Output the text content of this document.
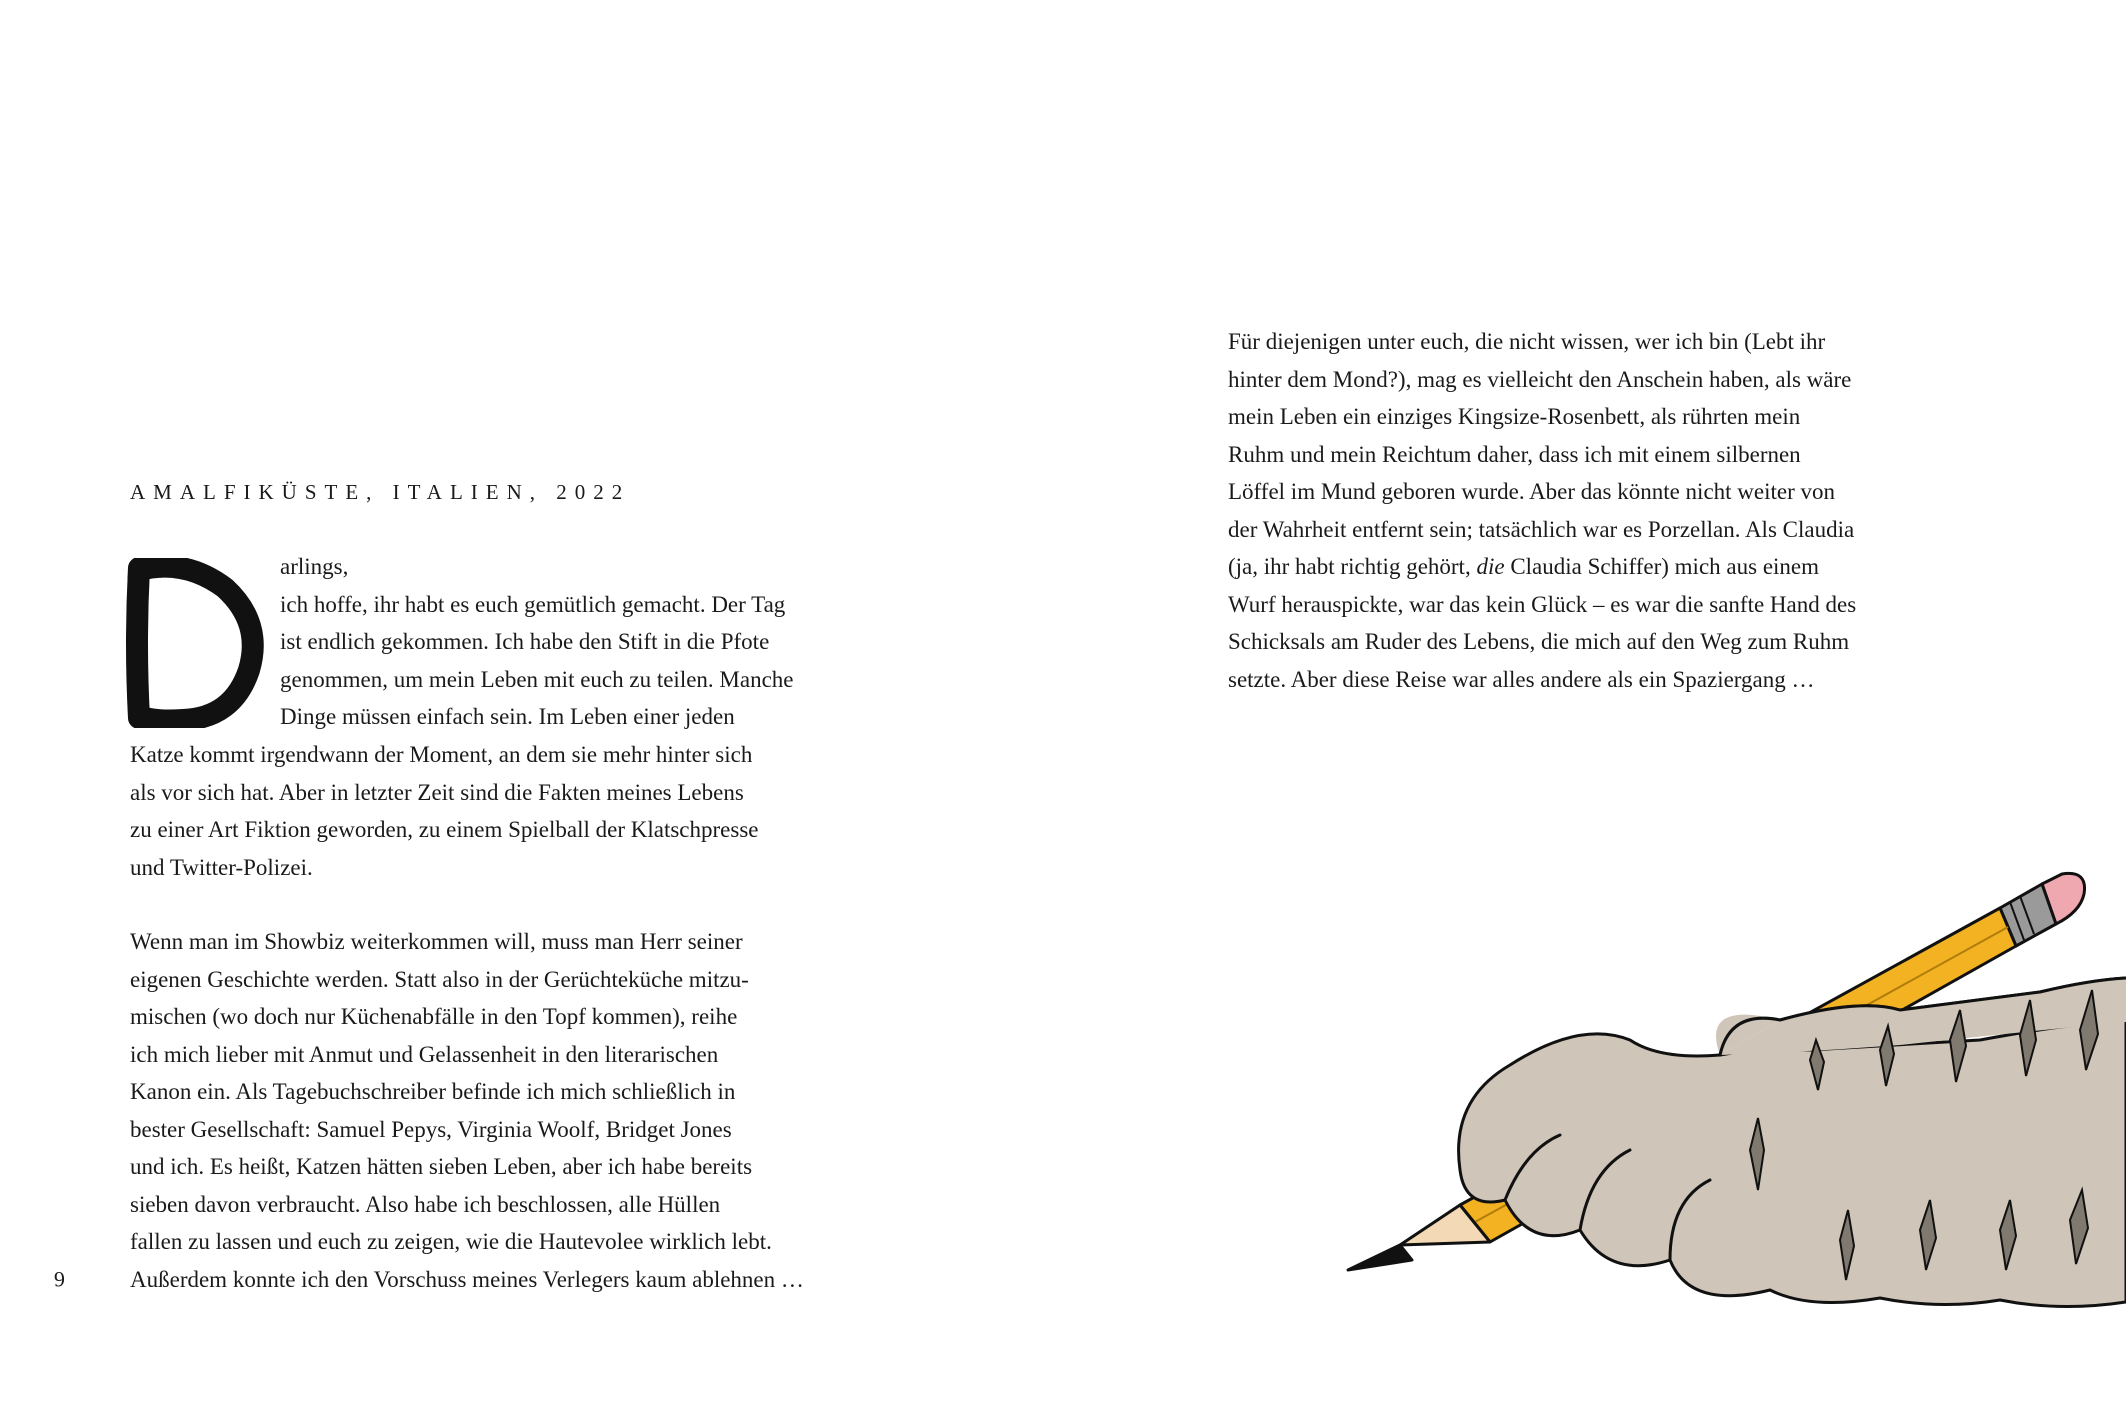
AMALFIKÜSTE, ITALIEN, 2022

arlings,
ich hoffe, ihr habt es euch gemütlich gemacht. Der Tag
ist endlich gekommen. Ich habe den Stift in die Pfote
genommen, um mein Leben mit euch zu teilen. Manche
Dinge müssen einfach sein. Im Leben einer jeden

Katze kommt irgendwann der Moment, an dem sie mehr hinter sich
als vor sich hat. Aber in letzter Zeit sind die Fakten meines Lebens
zu einer Art Fiktion geworden, zu einem Spielball der Klatschpresse
und Twitter-Polizei.

Wenn man im Showbiz weiterkommen will, muss man Herr seiner
eigenen Geschichte werden. Statt also in der Gerüchteküche mitzu-
mischen (wo doch nur Küchenabfälle in den Topf kommen), reihe
ich mich lieber mit Anmut und Gelassenheit in den literarischen
Kanon ein. Als Tagebuchschreiber befinde ich mich schließlich in
bester Gesellschaft: Samuel Pepys, Virginia Woolf, Bridget Jones
und ich. Es heißt, Katzen hätten sieben Leben, aber ich habe bereits
sieben davon verbraucht. Also habe ich beschlossen, alle Hüllen
fallen zu lassen und euch zu zeigen, wie die Hautevolee wirklich lebt.
Außerdem konnte ich den Vorschuss meines Verlegers kaum ablehnen …

6

Für diejenigen unter euch, die nicht wissen, wer ich bin (Lebt ihr
hinter dem Mond?), mag es vielleicht den Anschein haben, als wäre
mein Leben ein einziges Kingsize-Rosenbett, als rührten mein
Ruhm und mein Reichtum daher, dass ich mit einem silbernen
Löffel im Mund geboren wurde. Aber das könnte nicht weiter von
der Wahrheit entfernt sein; tatsächlich war es Porzellan. Als Claudia
(ja, ihr habt richtig gehört, die Claudia Schiffer) mich aus einem
Wurf herauspickte, war das kein Glück – es war die sanfte Hand des
Schicksals am Ruder des Lebens, die mich auf den Weg zum Ruhm
setzte. Aber diese Reise war alles andere als ein Spaziergang …
